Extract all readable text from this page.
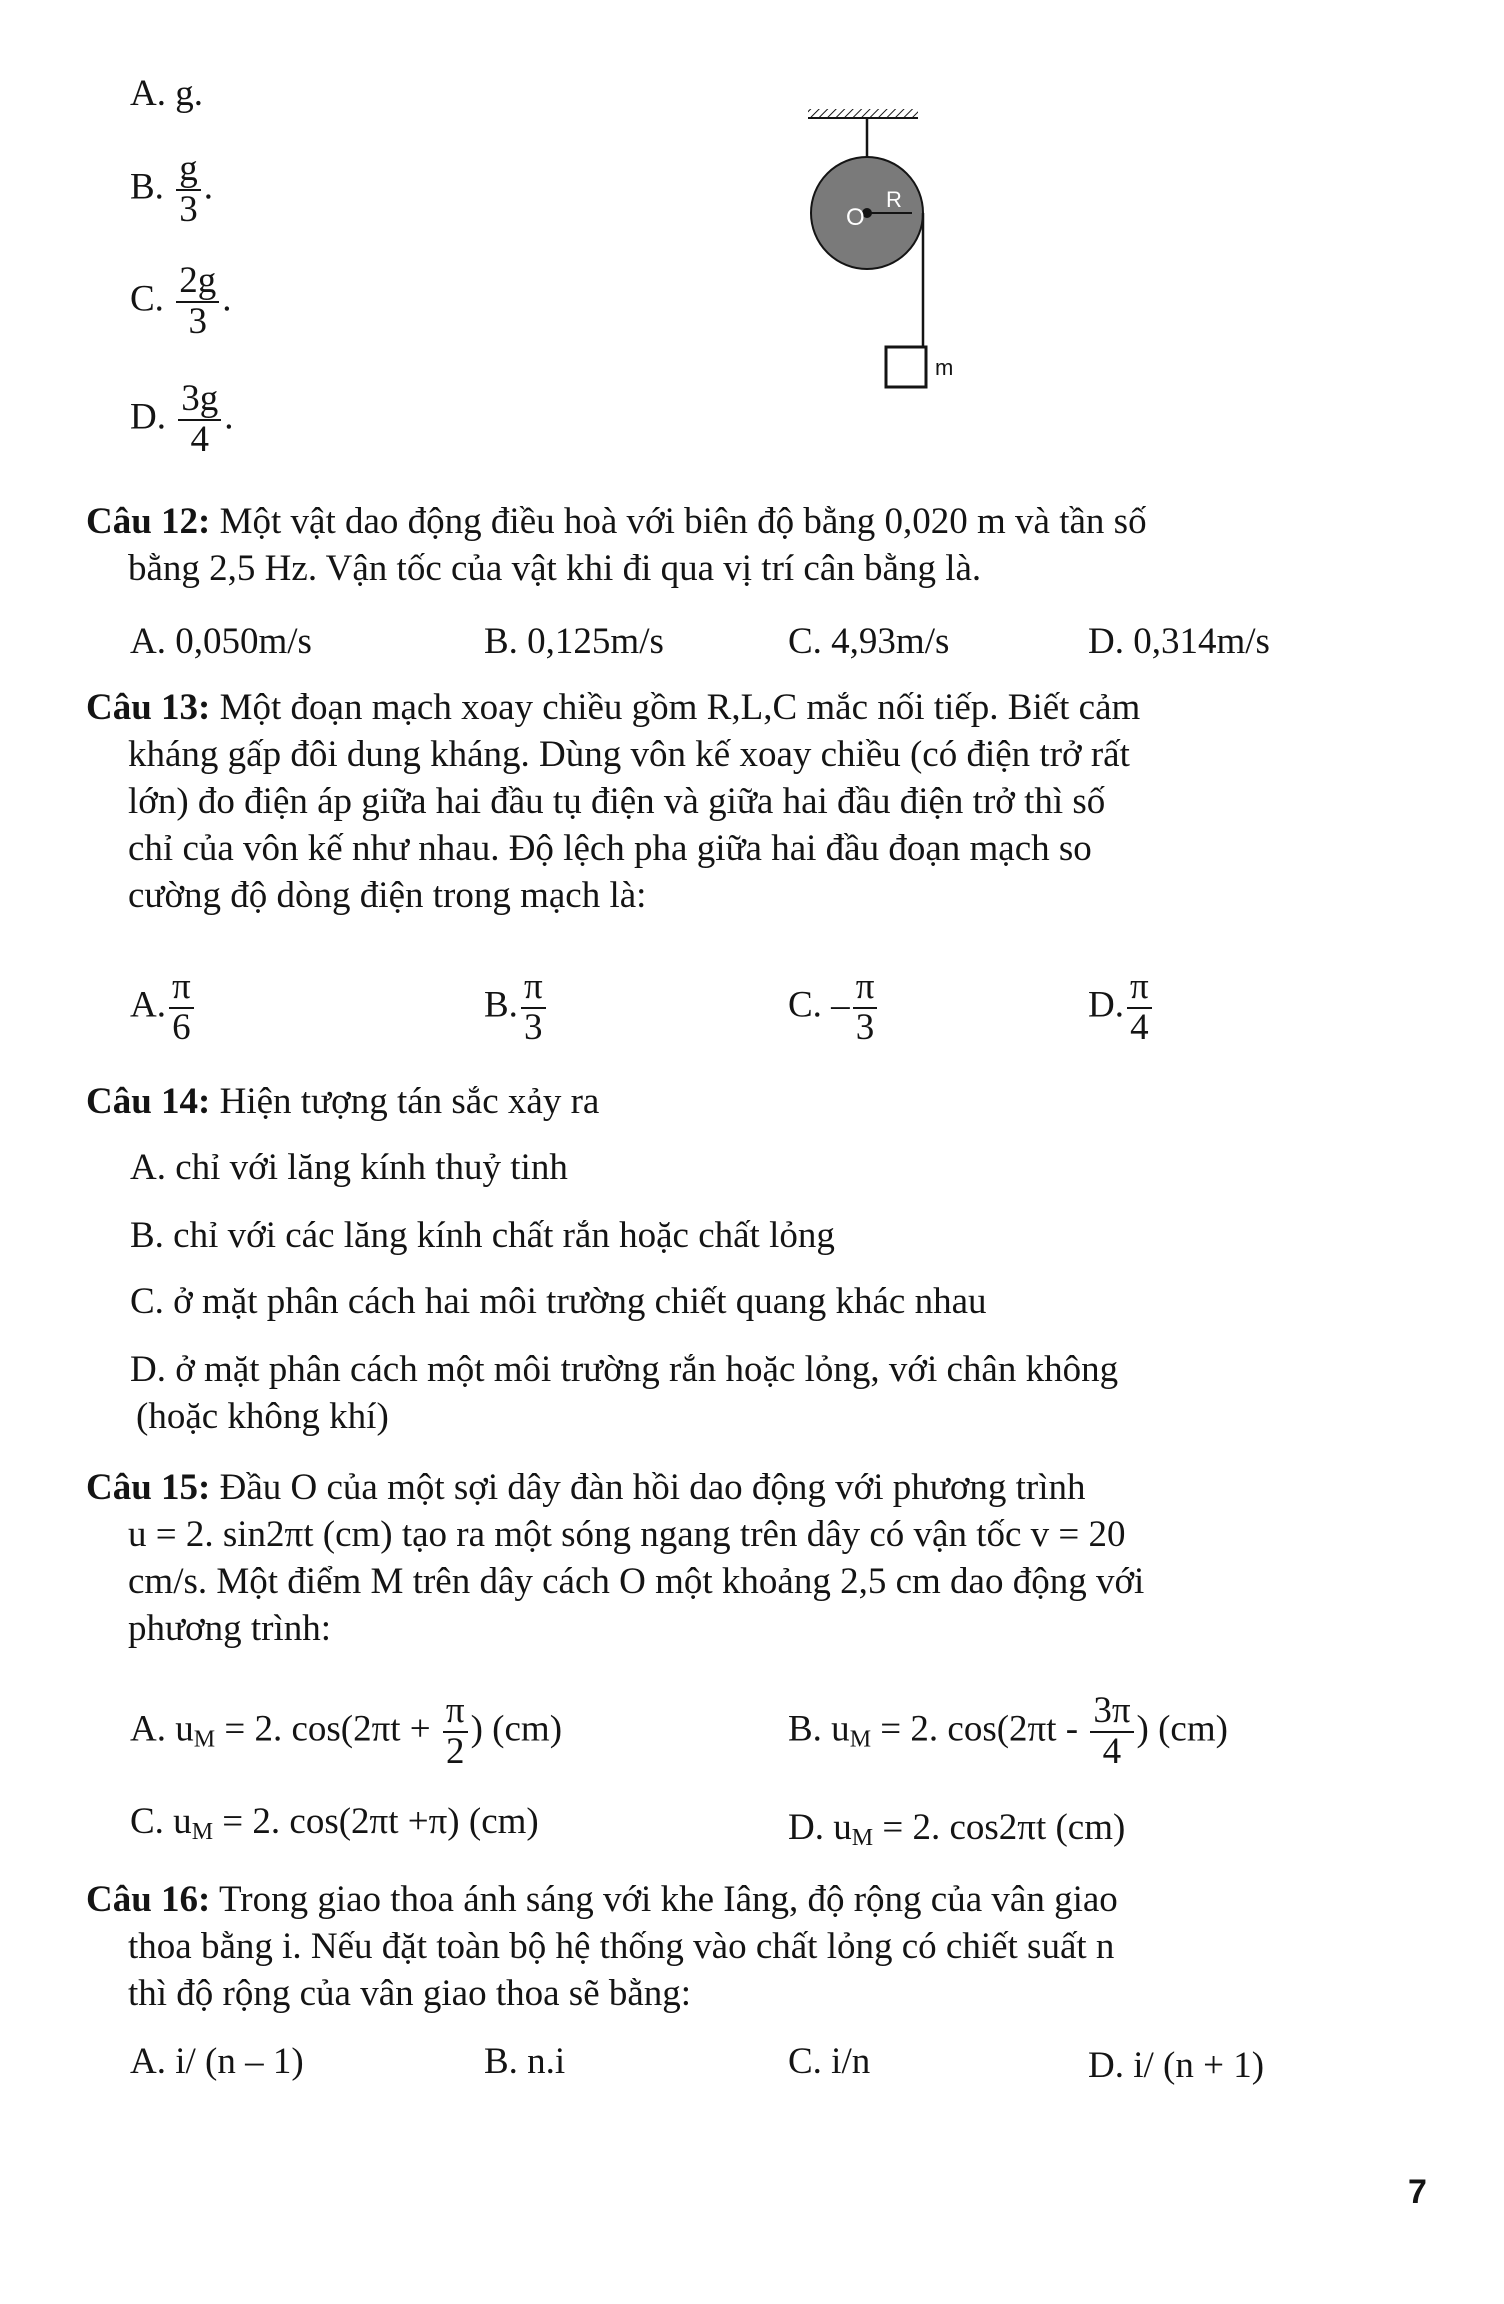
A. g.
B. $\frac{g}{3}$ .
C. $\frac{2g}{3}$ .
D. $\frac{3g}{4}$ .
O
R
m
Câu 12: Một vật dao động điều hoà với biên độ bằng 0,020 m và tần số
bằng 2,5 Hz. Vận tốc của vật khi đi qua vị trí cân bằng là.
A. 0,050m/s	B. 0,125m/s	C. 4,93m/s	D. 0,314m/s
Câu 13: Một đoạn mạch xoay chiều gồm R,L,C mắc nối tiếp. Biết cảm
kháng gấp đôi dung kháng. Dùng vôn kế xoay chiều (có điện trở rất
lớn) đo điện áp giữa hai đầu tụ điện và giữa hai đầu điện trở thì số
chỉ của vôn kế như nhau. Độ lệch pha giữa hai đầu đoạn mạch so
cường độ dòng điện trong mạch là:
A. $\frac{\pi}{6}$	B. $\frac{\pi}{3}$	C. – $\frac{\pi}{3}$	D. $\frac{\pi}{4}$
Câu 14: Hiện tượng tán sắc xảy ra
A. chỉ với lăng kính thuỷ tinh
B. chỉ với các lăng kính chất rắn hoặc chất lỏng
C. ở mặt phân cách hai môi trường chiết quang khác nhau
D. ở mặt phân cách một môi trường rắn hoặc lỏng, với chân không
(hoặc không khí)
Câu 15: Đầu O của một sợi dây đàn hồi dao động với phương trình
u = 2. sin2πt (cm) tạo ra một sóng ngang trên dây có vận tốc v = 20
cm/s. Một điểm M trên dây cách O một khoảng 2,5 cm dao động với
phương trình:
A. $u_M = 2$. $\cos(2\pi t + \frac{\pi}{2}$ ) (cm)	B. $u_M = 2$. $\cos(2\pi t - \frac{3\pi}{4}$ ) (cm)
C. $u_M = 2$. cos(2πt +π) (cm)	D. $u_M = 2$. cos2πt (cm)
Câu 16: Trong giao thoa ánh sáng với khe Iâng, độ rộng của vân giao
thoa bằng i. Nếu đặt toàn bộ hệ thống vào chất lỏng có chiết suất n
thì độ rộng của vân giao thoa sẽ bằng:
A. i/ (n – 1)	B. n.i	C. i/n	D. i/ (n + 1)
7
